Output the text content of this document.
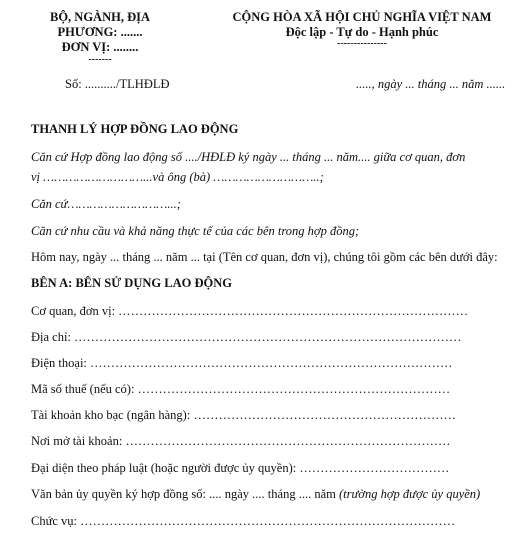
BỘ, NGÀNH, ĐỊA
PHƯƠNG: .......
ĐƠN VỊ: ........
-------
CỘNG HÒA XÃ HỘI CHỦ NGHĨA VIỆT NAM
Độc lập - Tự do - Hạnh phúc
---------------
Số: ........../TLHĐLĐ	....., ngày ... tháng ... năm ......
THANH LÝ HỢP ĐỒNG LAO ĐỘNG
Căn cứ Hợp đồng lao động số ..../HĐLĐ ký ngày ... tháng ... năm.... giữa cơ quan, đơn
vị ………………………...và ông (bà) ………………………..;
Căn cứ………………………...;
Căn cứ nhu cầu và khả năng thực tế của các bên trong hợp đồng;
Hôm nay, ngày ... tháng ... năm ... tại (Tên cơ quan, đơn vị), chúng tôi gồm các bên dưới đây:
BÊN A: BÊN SỬ DỤNG LAO ĐỘNG
Cơ quan, đơn vị: …………………………………………………………………………
Địa chỉ: …………………………………………………………………………………
Điện thoại: ……………………………………………………………………………
Mã số thuế (nếu có): …………………………………………………………………
Tài khoản kho bạc (ngân hàng): ………………………………………………………
Nơi mở tài khoản: ……………………………………………………………………
Đại diện theo pháp luật (hoặc người được ủy quyền): ………………………………
Văn bản ủy quyền ký hợp đồng số: .... ngày .... tháng .... năm (trường hợp được ủy quyền)
Chức vụ: ………………………………………………………………………………
